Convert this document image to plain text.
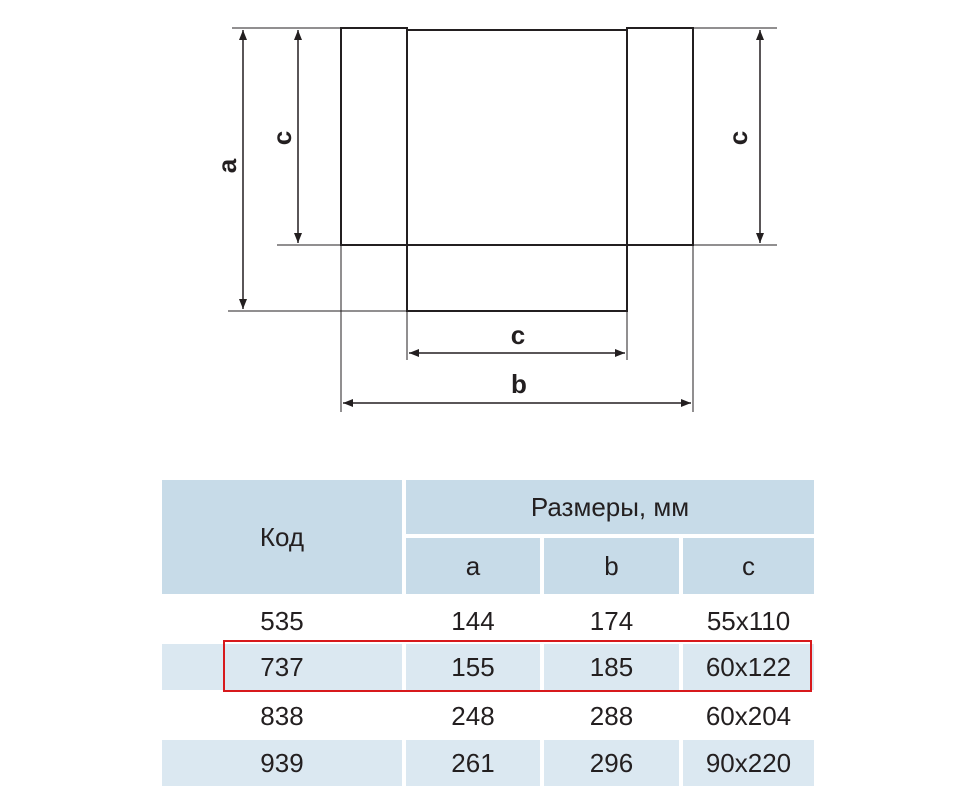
a
c	c
c
b
Код
Размеры, мм
a	b	c
535	144	174	55x110
737	155	185	60x122
838	248	288	60x204
939	261	296	90x220
